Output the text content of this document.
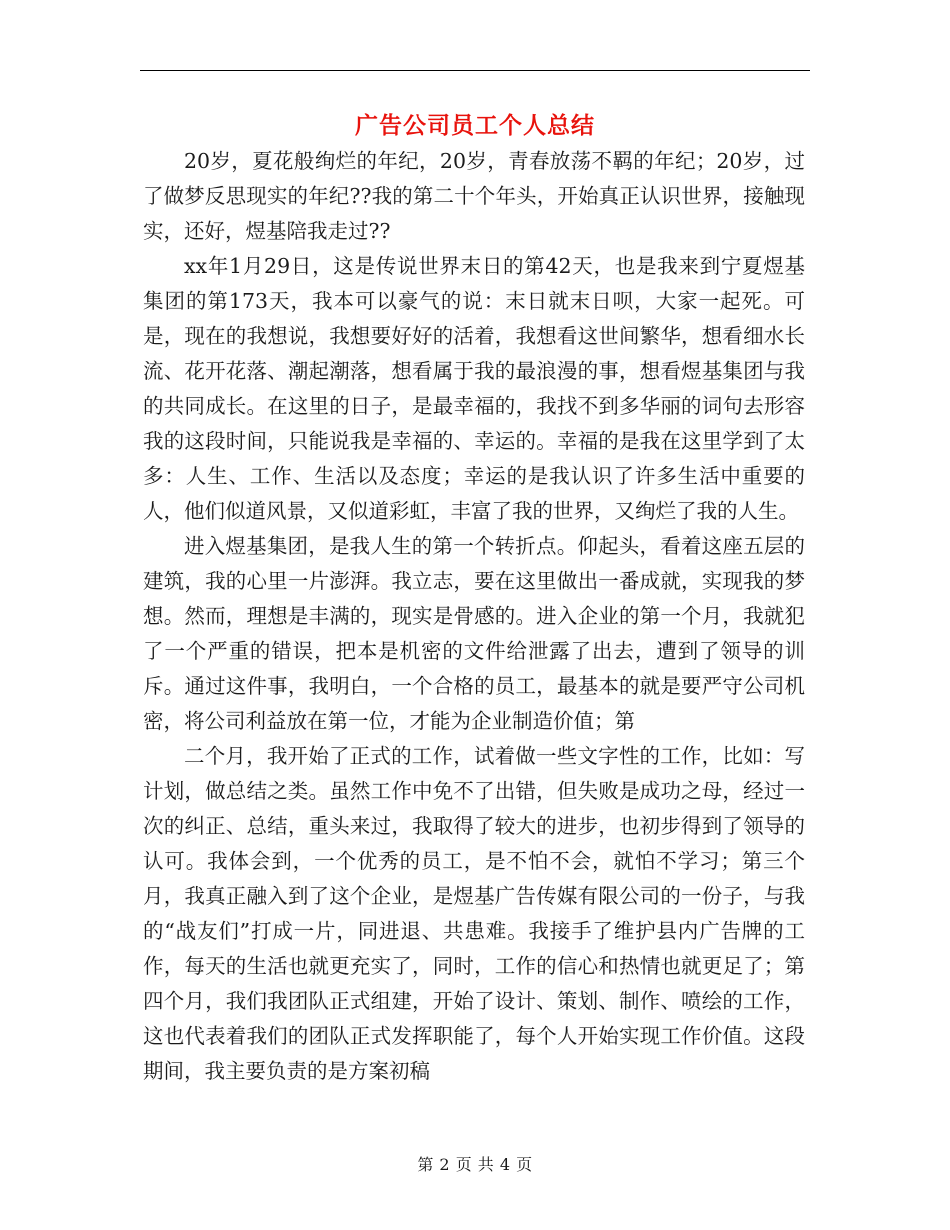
广告公司员工个人总结

20岁，夏花般绚烂的年纪，20岁，青春放荡不羁的年纪；20岁，过了做梦反思现实的年纪??我的第二十个年头，开始真正认识世界，接触现实，还好，煜基陪我走过??

xx年1月29日，这是传说世界末日的第42天，也是我来到宁夏煜基集团的第173天，我本可以豪气的说：末日就末日呗，大家一起死。可是，现在的我想说，我想要好好的活着，我想看这世间繁华，想看细水长流、花开花落、潮起潮落，想看属于我的最浪漫的事，想看煜基集团与我的共同成长。在这里的日子，是最幸福的，我找不到多华丽的词句去形容我的这段时间，只能说我是幸福的、幸运的。幸福的是我在这里学到了太多：人生、工作、生活以及态度；幸运的是我认识了许多生活中重要的人，他们似道风景，又似道彩虹，丰富了我的世界，又绚烂了我的人生。

进入煜基集团，是我人生的第一个转折点。仰起头，看着这座五层的建筑，我的心里一片澎湃。我立志，要在这里做出一番成就，实现我的梦想。然而，理想是丰满的，现实是骨感的。进入企业的第一个月，我就犯了一个严重的错误，把本是机密的文件给泄露了出去，遭到了领导的训斥。通过这件事，我明白，一个合格的员工，最基本的就是要严守公司机密，将公司利益放在第一位，才能为企业制造价值；第

二个月，我开始了正式的工作，试着做一些文字性的工作，比如：写计划，做总结之类。虽然工作中免不了出错，但失败是成功之母，经过一次的纠正、总结，重头来过，我取得了较大的进步，也初步得到了领导的认可。我体会到，一个优秀的员工，是不怕不会，就怕不学习；第三个月，我真正融入到了这个企业，是煜基广告传媒有限公司的一份子，与我的“战友们”打成一片，同进退、共患难。我接手了维护县内广告牌的工作，每天的生活也就更充实了，同时，工作的信心和热情也就更足了；第四个月，我们我团队正式组建，开始了设计、策划、制作、喷绘的工作，这也代表着我们的团队正式发挥职能了，每个人开始实现工作价值。这段期间，我主要负责的是方案初稿

第 2 页 共 4 页
